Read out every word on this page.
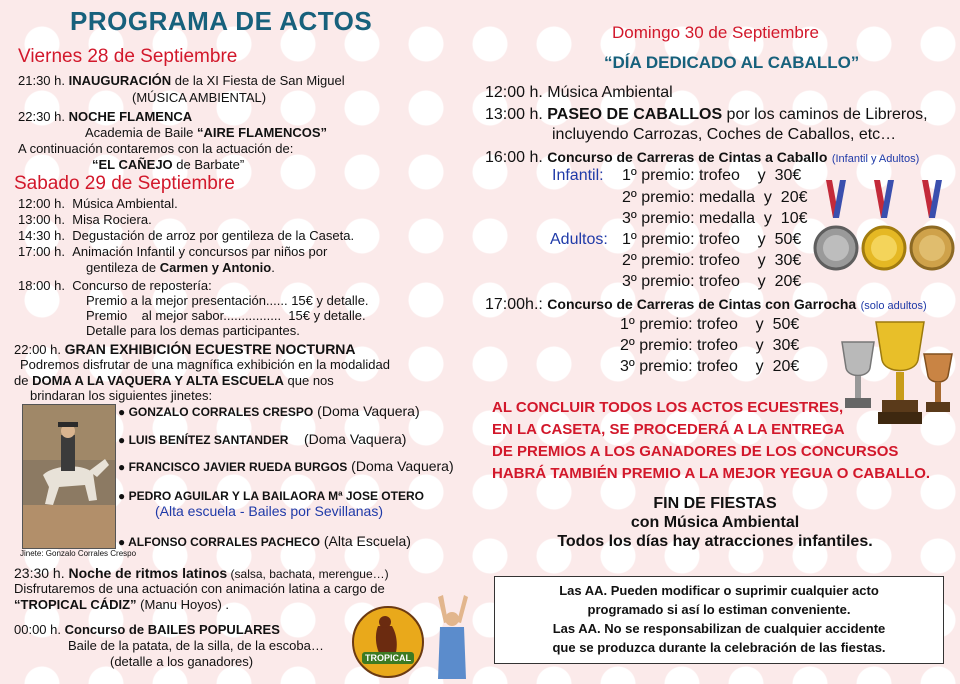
PROGRAMA DE ACTOS
Viernes 28 de Septiembre
21:30 h. INAUGURACIÓN de la XI Fiesta de San Miguel
(MÚSICA AMBIENTAL)
22:30 h. NOCHE FLAMENCA
Academia de Baile “AIRE FLAMENCOS”
A continuación contaremos con la actuación de:
“EL CAÑEJO de Barbate”
Sabado 29 de Septiembre
12:00 h. Música Ambiental.
13:00 h. Misa Rociera.
14:30 h. Degustación de arroz por gentileza de la Caseta.
17:00 h. Animación Infantil y concursos par niños por
gentileza de Carmen y Antonio.
18:00 h. Concurso de repostería:
Premio a la mejor presentación...... 15€ y detalle.
Premio    al mejor sabor................  15€ y detalle.
Detalle para los demas participantes.
22:00 h. GRAN EXHIBICIÓN ECUESTRE NOCTURNA
Podremos disfrutar de una magnífica exhibición en la modalidad
de DOMA A LA VAQUERA Y ALTA ESCUELA que nos
brindaran los siguientes jinetes:
Jinete: Gonzalo Corrales Crespo
● GONZALO CORRALES CRESPO (Doma Vaquera)
● LUIS BENÍTEZ SANTANDER (Doma Vaquera)
● FRANCISCO JAVIER RUEDA BURGOS (Doma Vaquera)
● PEDRO AGUILAR Y LA BAILAORA Mª JOSE OTERO
(Alta escuela - Bailes por Sevillanas)
● ALFONSO CORRALES PACHECO (Alta Escuela)
23:30 h. Noche de ritmos latinos (salsa, bachata, merengue…)
Disfrutaremos de una actuación con animación latina a cargo de
“TROPICAL CÁDIZ” (Manu Hoyos) .
00:00 h. Concurso de BAILES POPULARES
Baile de la patata, de la silla, de la escoba…
(detalle a los ganadores)	TROPICAL
Domingo 30 de Septiembre
“DÍA DEDICADO AL CABALLO”
12:00 h. Música Ambiental
13:00 h. PASEO DE CABALLOS por los caminos de Libreros,
incluyendo Carrozas, Coches de Caballos, etc…
16:00 h. Concurso de Carreras de Cintas a Caballo (Infantil y Adultos)
Infantil: 1º premio: trofeo    y  30€
2º premio: medalla  y  20€
3º premio: medalla  y  10€
Adultos: 1º premio: trofeo    y  50€
2º premio: trofeo    y  30€
3º premio: trofeo    y  20€
17:00h.: Concurso de Carreras de Cintas con Garrocha (solo adultos)
1º premio: trofeo    y  50€
2º premio: trofeo    y  30€
3º premio: trofeo    y  20€
AL CONCLUIR TODOS LOS ACTOS ECUESTRES,
EN LA CASETA, SE PROCEDERÁ A LA ENTREGA
DE PREMIOS A LOS GANADORES DE LOS CONCURSOS
HABRÁ TAMBIÉN PREMIO A LA MEJOR YEGUA O CABALLO.
FIN DE FIESTAS
con Música Ambiental
Todos los días hay atracciones infantiles.
Las AA. Pueden modificar o suprimir cualquier acto
programado si así lo estiman conveniente.
Las AA. No se responsabilizan de cualquier accidente
que se produzca durante la celebración de las fiestas.
